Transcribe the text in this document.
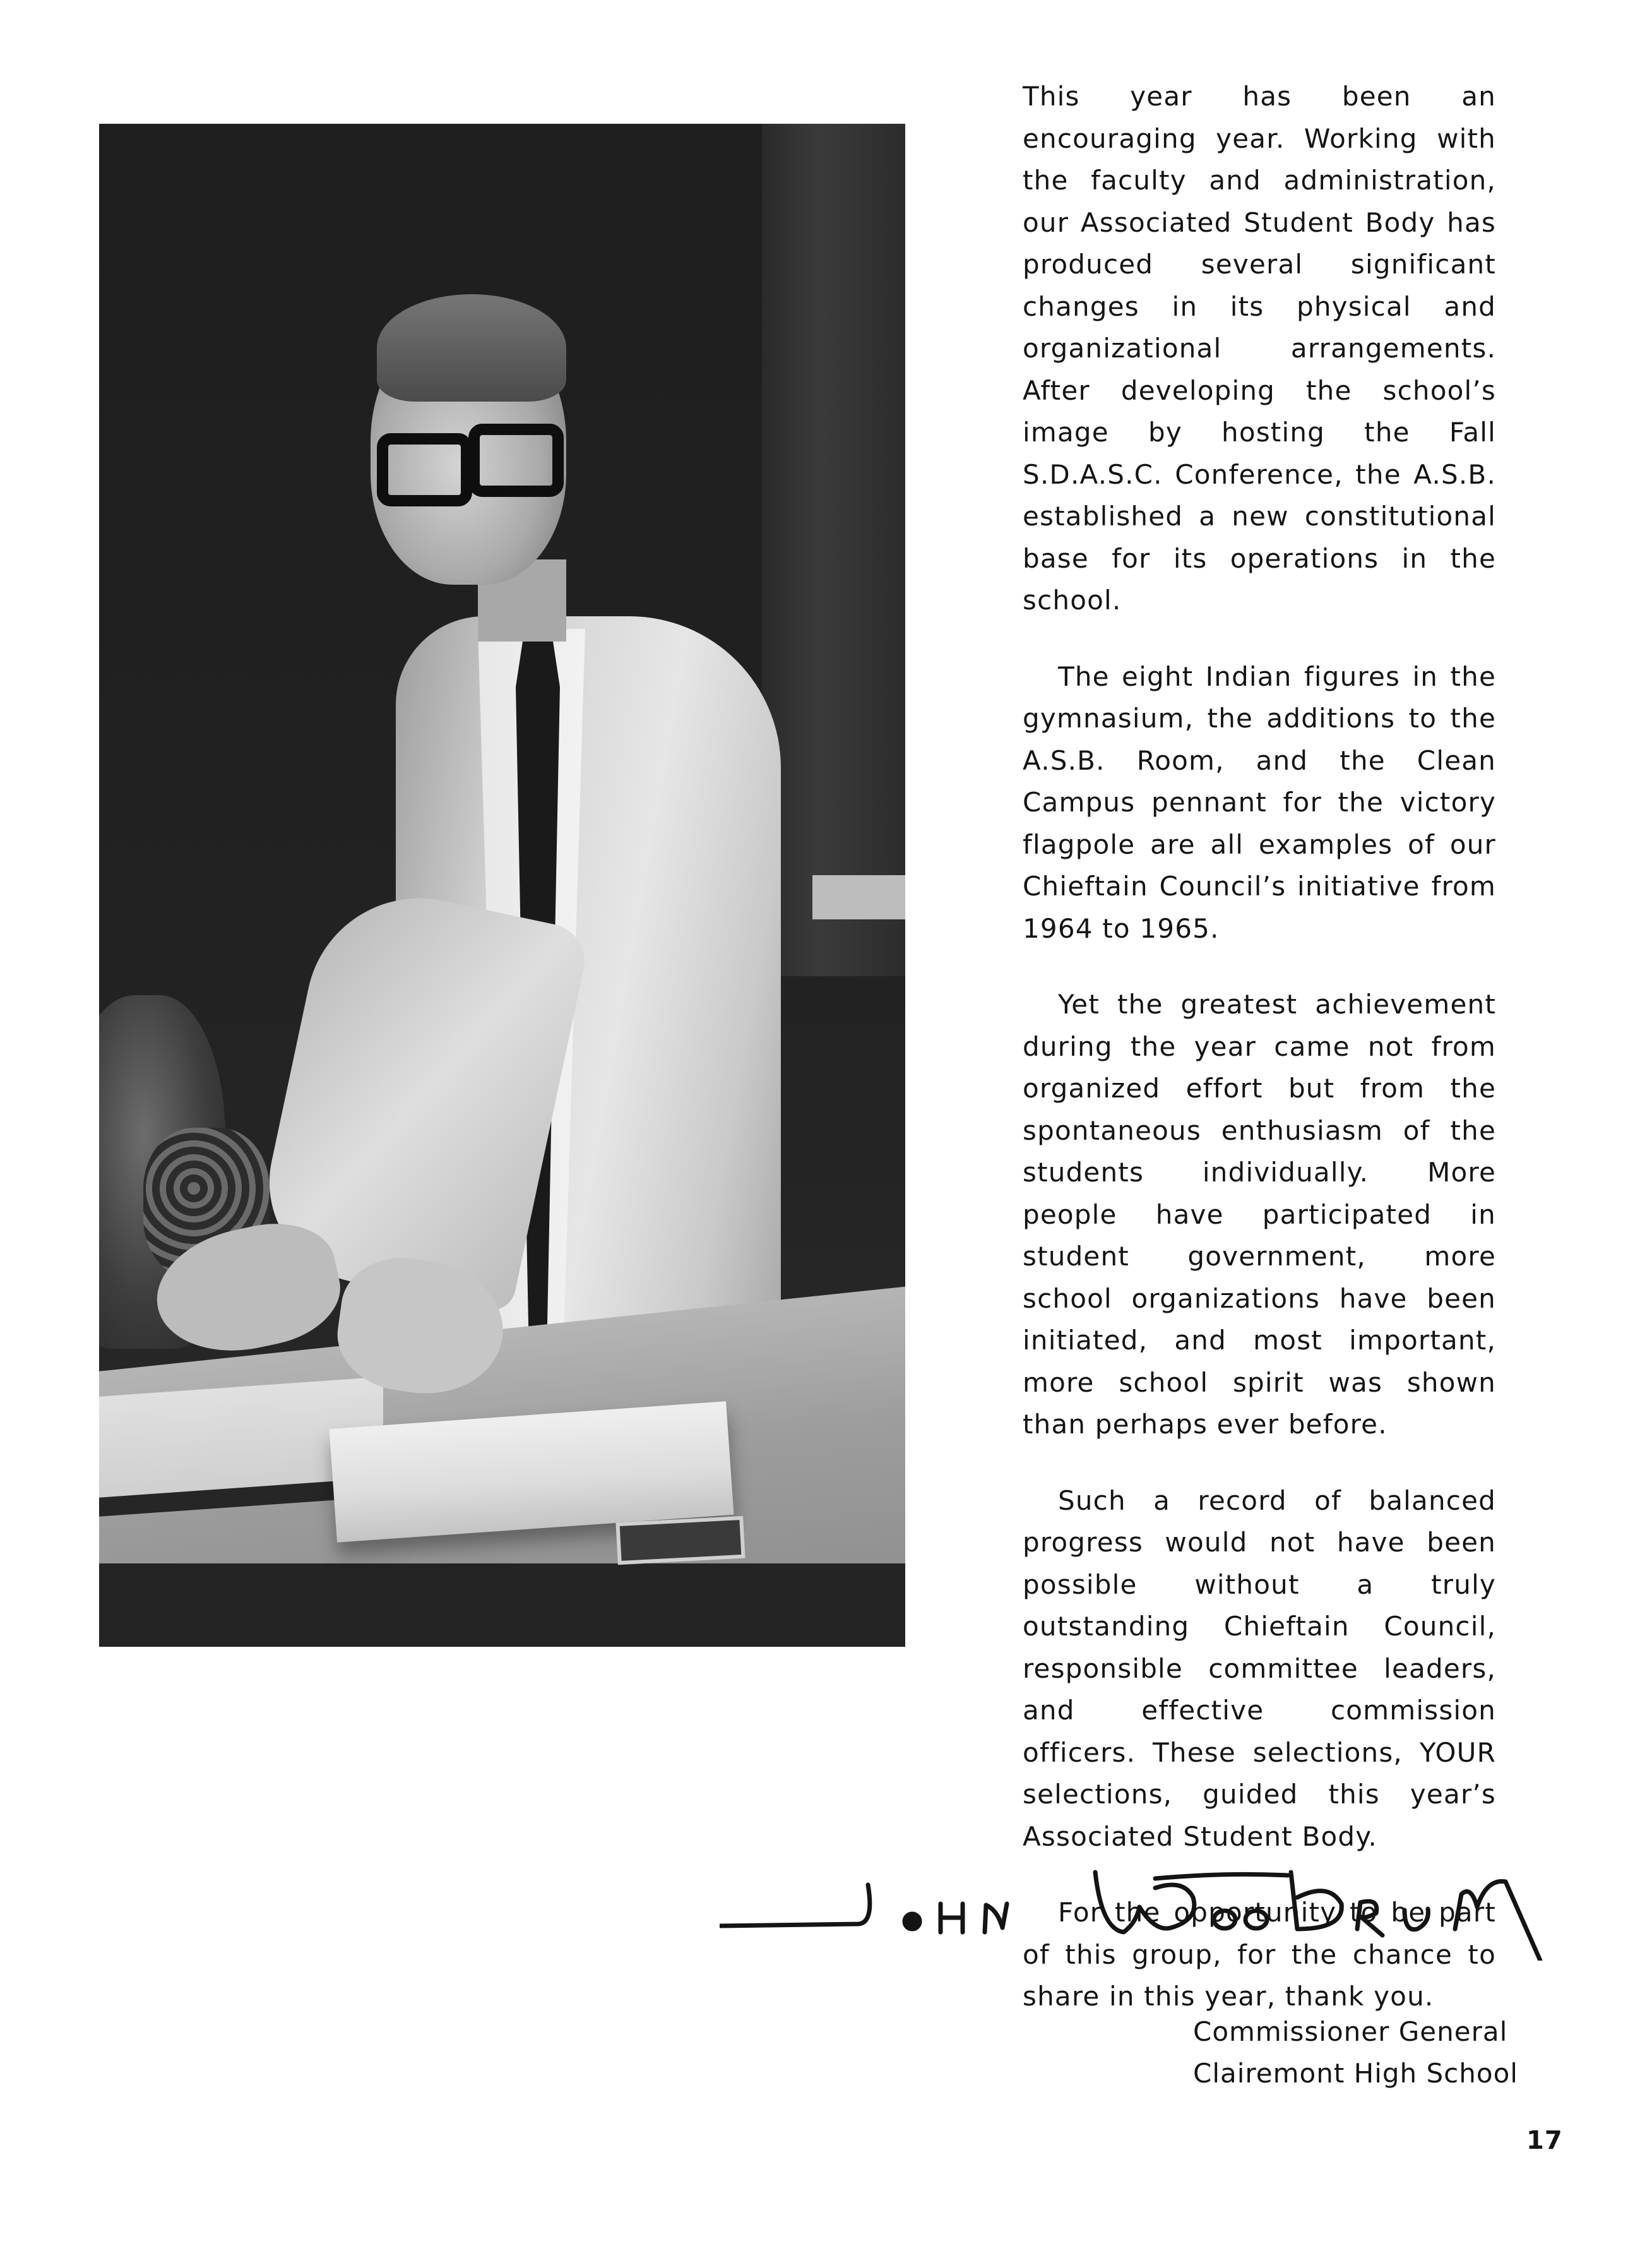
This year has been an encouraging year. Working with the faculty and administration, our Associated Student Body has produced several significant changes in its physical and organizational arrangements. After developing the school’s image by hosting the Fall S.D.A.S.C. Conference, the A.S.B. established a new constitutional base for its operations in the school.

The eight Indian figures in the gymnasium, the additions to the A.S.B. Room, and the Clean Campus pennant for the victory flagpole are all examples of our Chieftain Council’s initiative from 1964 to 1965.

Yet the greatest achievement during the year came not from organized effort but from the spontaneous enthusiasm of the students individually. More people have participated in student government, more school organizations have been initiated, and most important, more school spirit was shown than perhaps ever before.

Such a record of balanced progress would not have been possible without a truly outstanding Chieftain Council, responsible committee leaders, and effective commission officers. These selections, YOUR selections, guided this year’s Associated Student Body.

For the opportunity to be part of this group, for the chance to share in this year, thank you.

Commissioner General
Clairemont High School
17
